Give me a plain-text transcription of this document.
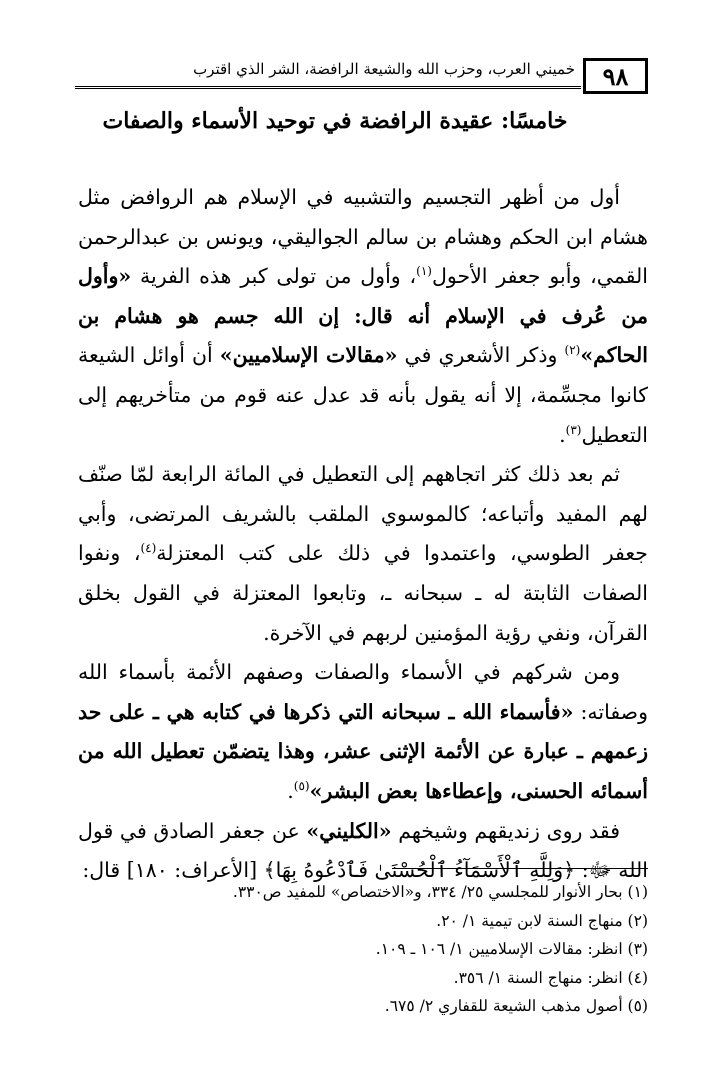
٩٨
خميني العرب، وحزب الله والشيعة الرافضة، الشر الذي اقترب
خامسًا: عقيدة الرافضة في توحيد الأسماء والصفات

أول من أظهر التجسيم والتشبيه في الإسلام هم الروافض مثل هشام ابن الحكم وهشام بن سالم الجواليقي، ويونس بن عبدالرحمن القمي، وأبو جعفر الأحول$^{(١)}$، وأول من تولى كبر هذه الفرية «وأول من عُرف في الإسلام أنه قال: إن الله جسم هو هشام بن الحاكم»$^{(٢)}$ وذكر الأشعري في «مقالات الإسلاميين» أن أوائل الشيعة كانوا مجسِّمة، إلا أنه يقول بأنه قد عدل عنه قوم من متأخريهم إلى التعطيل$^{(٣)}$.

ثم بعد ذلك كثر اتجاههم إلى التعطيل في المائة الرابعة لمّا صنّف لهم المفيد وأتباعه؛ كالموسوي الملقب بالشريف المرتضى، وأبي جعفر الطوسي، واعتمدوا في ذلك على كتب المعتزلة$^{(٤)}$، ونفوا الصفات الثابتة له ـ سبحانه ـ، وتابعوا المعتزلة في القول بخلق القرآن، ونفي رؤية المؤمنين لربهم في الآخرة.

ومن شركهم في الأسماء والصفات وصفهم الأئمة بأسماء الله وصفاته: «فأسماء الله ـ سبحانه التي ذكرها في كتابه هي ـ على حد زعمهم ـ عبارة عن الأئمة الإثنى عشر، وهذا يتضمّن تعطيل الله من أسمائه الحسنى، وإعطاءها بعض البشر»$^{(٥)}$.

فقد روى زنديقهم وشيخهم «الكليني» عن جعفر الصادق في قول الله ﷻ: ﴿وَلِلَّهِ ٱلْأَسْمَآءُ ٱلْحُسْنَىٰ فَٱدْعُوهُ بِهَا﴾ [الأعراف: ١٨٠] قال:

(١) بحار الأنوار للمجلسي ٢٥/ ٣٣٤، و«الاختصاص» للمفيد ص٣٣٠.
(٢) منهاج السنة لابن تيمية ١/ ٢٠.
(٣) انظر: مقالات الإسلاميين ١/ ١٠٦ ـ ١٠٩.
(٤) انظر: منهاج السنة ١/ ٣٥٦.
(٥) أصول مذهب الشيعة للقفاري ٢/ ٦٧٥.
